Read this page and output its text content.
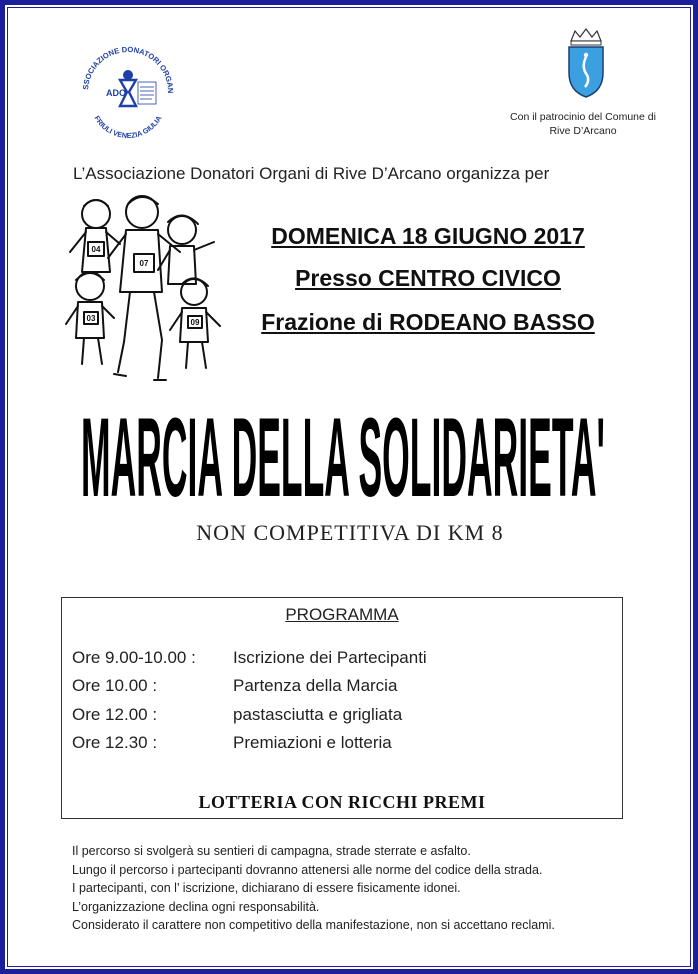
SSOCIAZIONE DONATORI ORGAN
FRIULI VENEZIA GIULIA
ADO
Con il patrocinio del Comune di
Rive D’Arcano
L’Associazione Donatori Organi di Rive D’Arcano organizza per
04
07
03	09
DOMENICA 18 GIUGNO 2017
Presso CENTRO CIVICO
Frazione di RODEANO BASSO
MARCIA DELLA SOLIDARIETA'
NON COMPETITIVA DI KM 8
PROGRAMMA
Ore 9.00-10.00 : Iscrizione dei Partecipanti
Ore 10.00 :	Partenza della Marcia
Ore 12.00 :	pastasciutta e grigliata
Ore 12.30 :	Premiazioni e lotteria
LOTTERIA CON RICCHI PREMI
Il percorso si svolgerà su sentieri di campagna, strade sterrate e asfalto.
Lungo il percorso i partecipanti dovranno attenersi alle norme del codice della strada.
I partecipanti, con l’ iscrizione, dichiarano di essere fisicamente idonei.
L’organizzazione declina ogni responsabilità.
Considerato il carattere non competitivo della manifestazione, non si accettano reclami.
